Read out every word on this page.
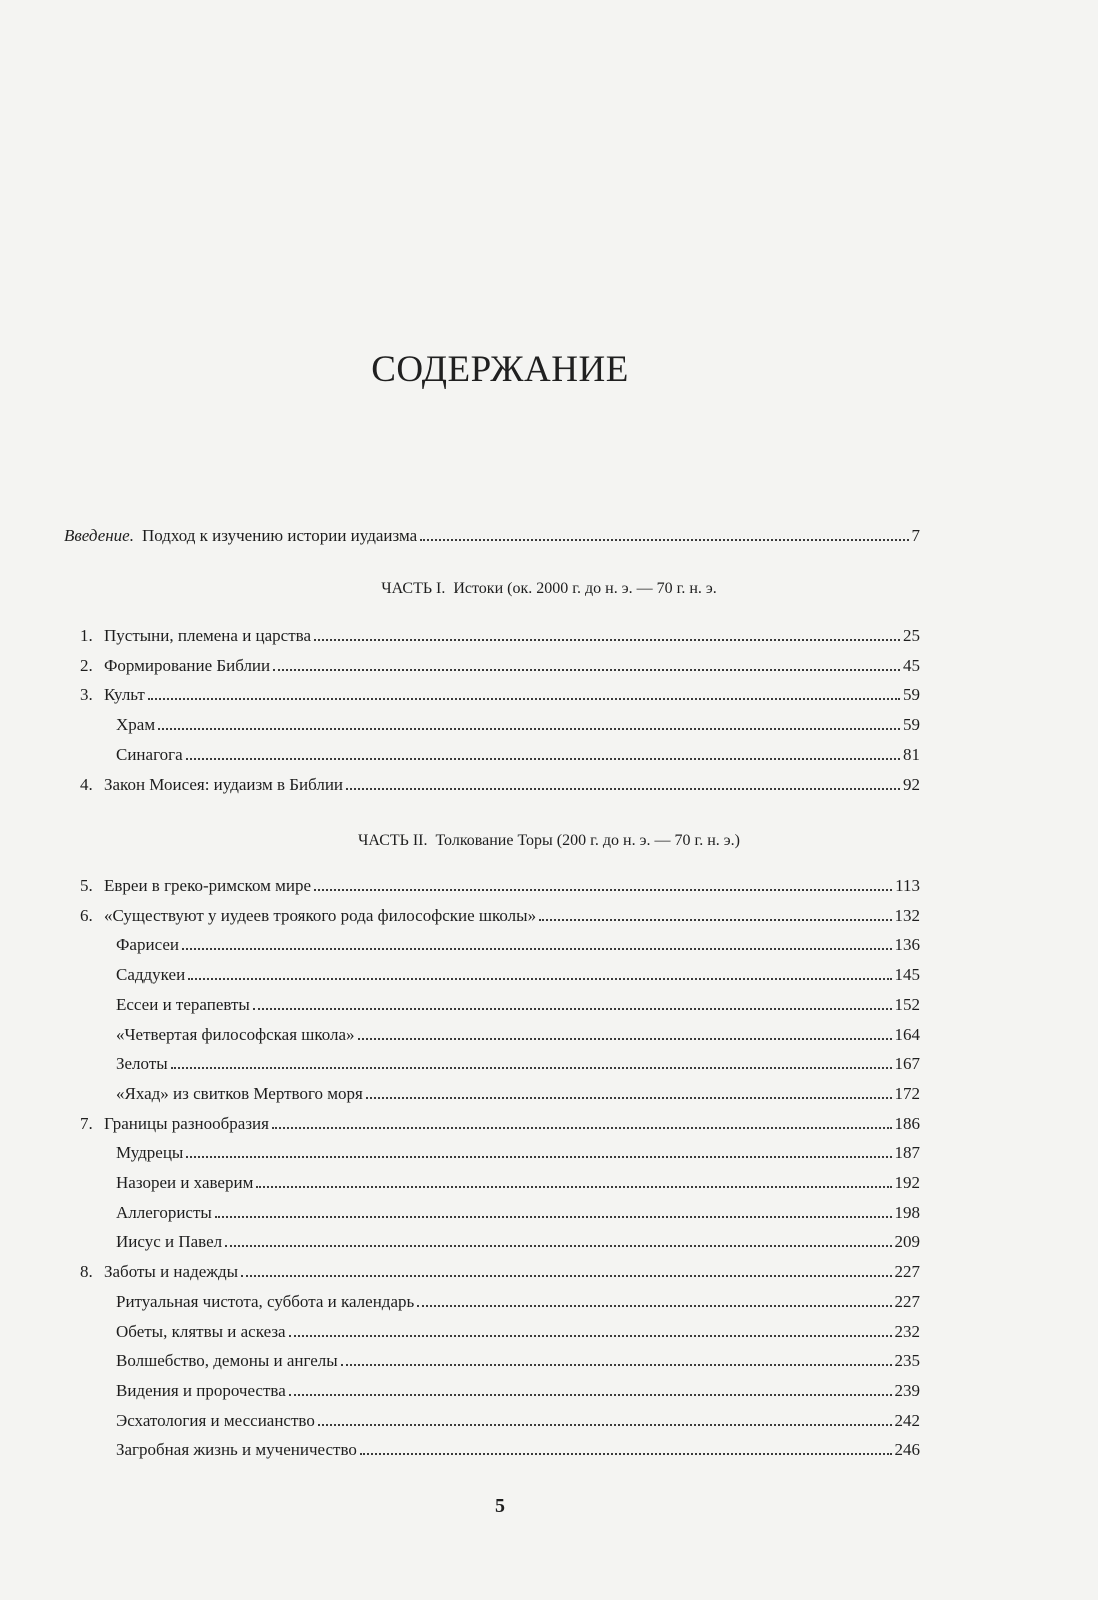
СОДЕРЖАНИЕ
Введение. Подход к изучению истории иудаизма	7
ЧАСТЬ I. Истоки (ок. 2000 г. до н. э. — 70 г. н. э.
1. Пустыни, племена и царства	25
2. Формирование Библии	45
3. Культ	59
Храм	59
Синагога	81
4. Закон Моисея: иудаизм в Библии	92
ЧАСТЬ II. Толкование Торы (200 г. до н. э. — 70 г. н. э.)
5. Евреи в греко-римском мире	113
6. «Существуют у иудеев троякого рода философские школы»	132
Фарисеи	136
Саддукеи	145
Ессеи и терапевты	152
«Четвертая философская школа»	164
Зелоты	167
«Яхад» из свитков Мертвого моря	172
7. Границы разнообразия	186
Мудрецы	187
Назореи и хаверим	192
Аллегористы	198
Иисус и Павел	209
8. Заботы и надежды	227
Ритуальная чистота, суббота и календарь	227
Обеты, клятвы и аскеза	232
Волшебство, демоны и ангелы	235
Видения и пророчества	239
Эсхатология и мессианство	242
Загробная жизнь и мученичество	246
5
